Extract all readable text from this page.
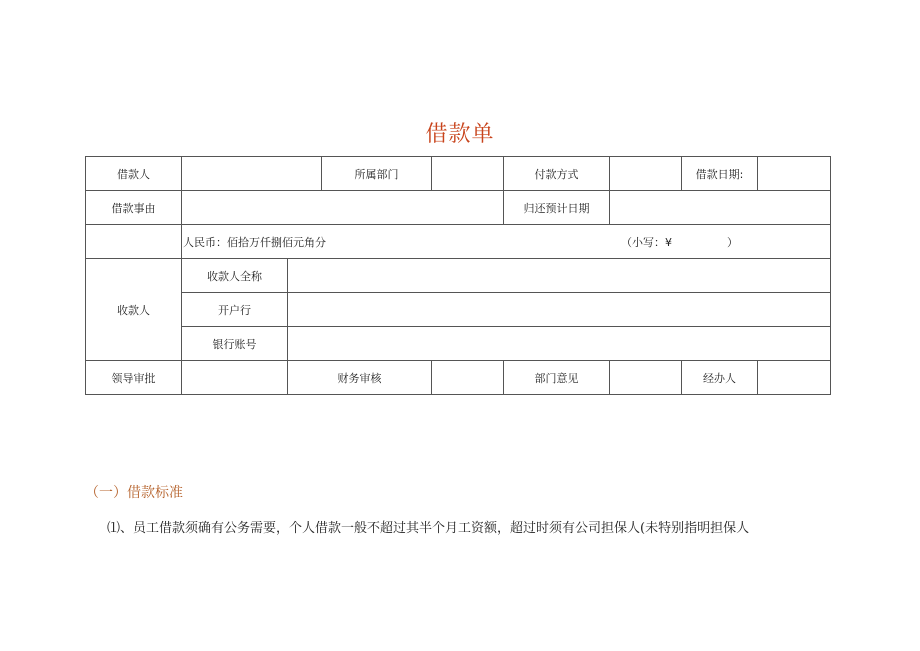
借款单
借款人			所属部门		付款方式		借款日期:	
借款事由					归还预计日期			

	人民币：佰拾万仟捌佰元角分 （小写：¥　　　　　）							

收款人	收款人全称							
	开户行							
	银行账号							
领导审批		财务审核			部门意见		经办人	
（一）借款标准
⑴、员工借款须确有公务需要，个人借款一般不超过其半个月工资额，超过时须有公司担保人(未特别指明担保人
